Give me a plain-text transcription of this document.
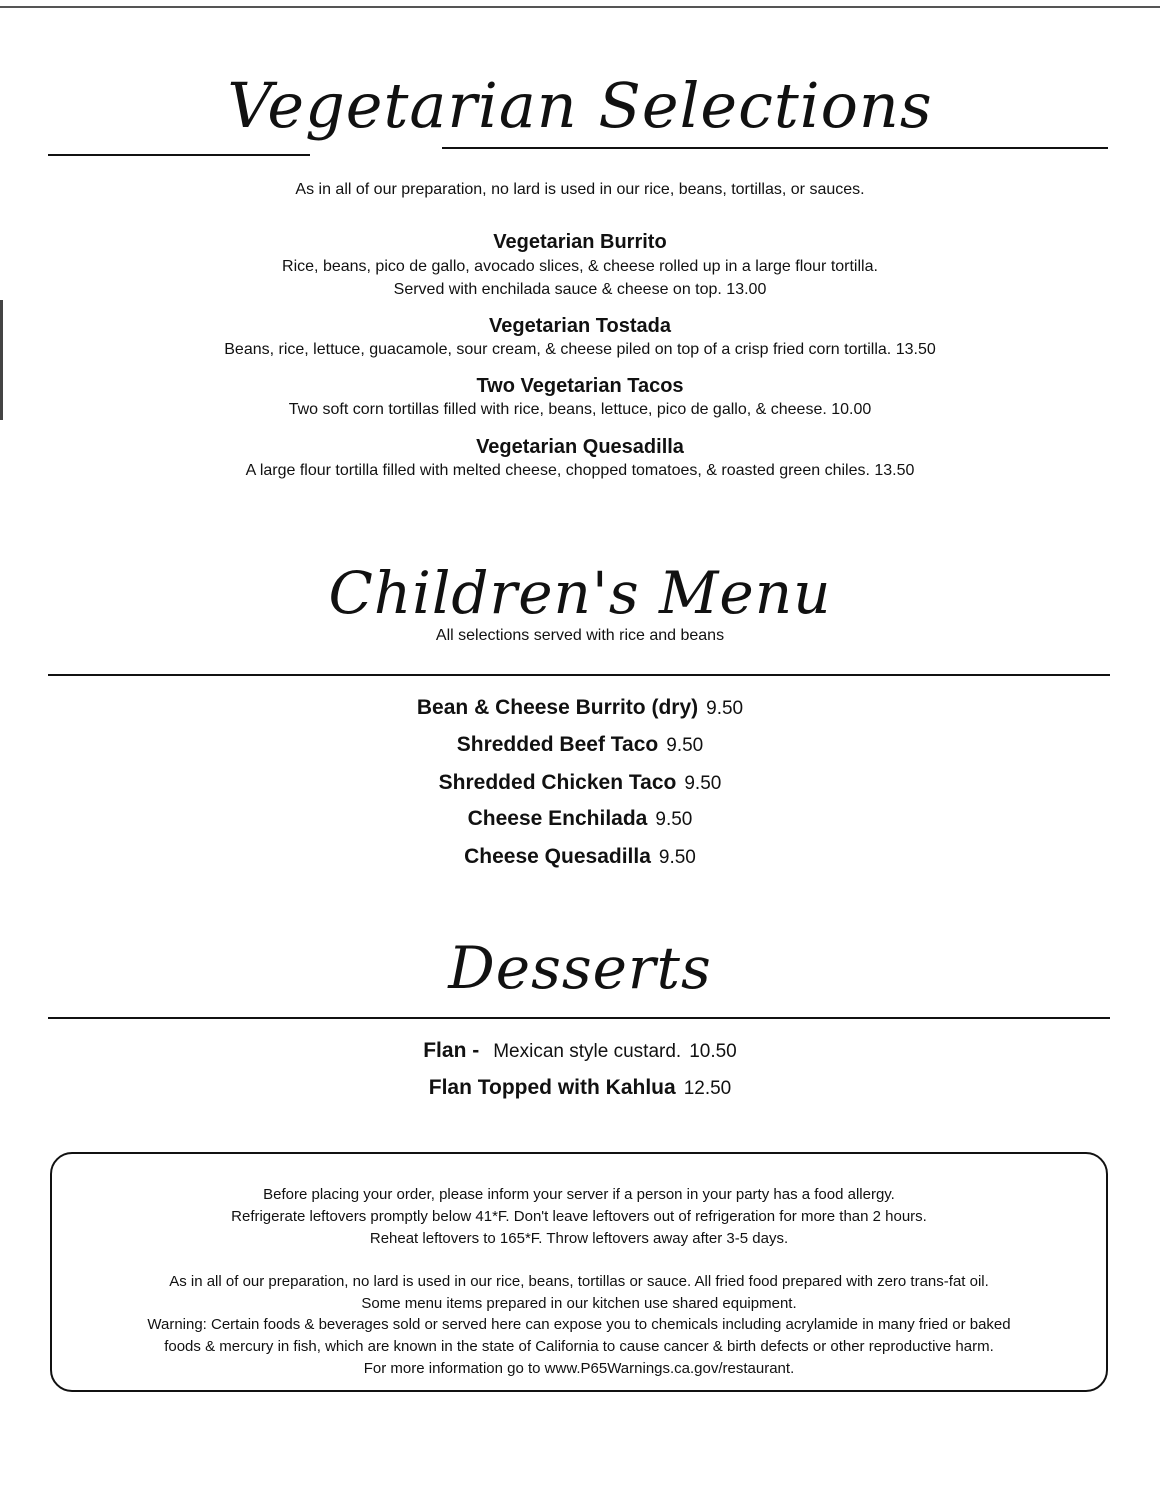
Vegetarian Selections
As in all of our preparation, no lard is used in our rice, beans, tortillas, or sauces.
Vegetarian Burrito
Rice, beans, pico de gallo, avocado slices, & cheese rolled up in a large flour tortilla.
Served with enchilada sauce & cheese on top. 13.00
Vegetarian Tostada
Beans, rice, lettuce, guacamole, sour cream, & cheese piled on top of a crisp fried corn tortilla. 13.50
Two Vegetarian Tacos
Two soft corn tortillas filled with rice, beans, lettuce, pico de gallo, & cheese. 10.00
Vegetarian Quesadilla
A large flour tortilla filled with melted cheese, chopped tomatoes, & roasted green chiles. 13.50
Children's Menu
All selections served with rice and beans
Bean & Cheese Burrito (dry) 9.50
Shredded Beef Taco 9.50
Shredded Chicken Taco 9.50
Cheese Enchilada 9.50
Cheese Quesadilla 9.50
Desserts
Flan - Mexican style custard. 10.50
Flan Topped with Kahlua 12.50

Before placing your order, please inform your server if a person in your party has a food allergy.

Refrigerate leftovers promptly below 41*F. Don't leave leftovers out of refrigeration for more than 2 hours.

Reheat leftovers to 165*F. Throw leftovers away after 3-5 days.

As in all of our preparation, no lard is used in our rice, beans, tortillas or sauce. All fried food prepared with zero trans-fat oil.

Some menu items prepared in our kitchen use shared equipment.

Warning: Certain foods & beverages sold or served here can expose you to chemicals including acrylamide in many fried or baked

foods & mercury in fish, which are known in the state of California to cause cancer & birth defects or other reproductive harm.

For more information go to www.P65Warnings.ca.gov/restaurant.
